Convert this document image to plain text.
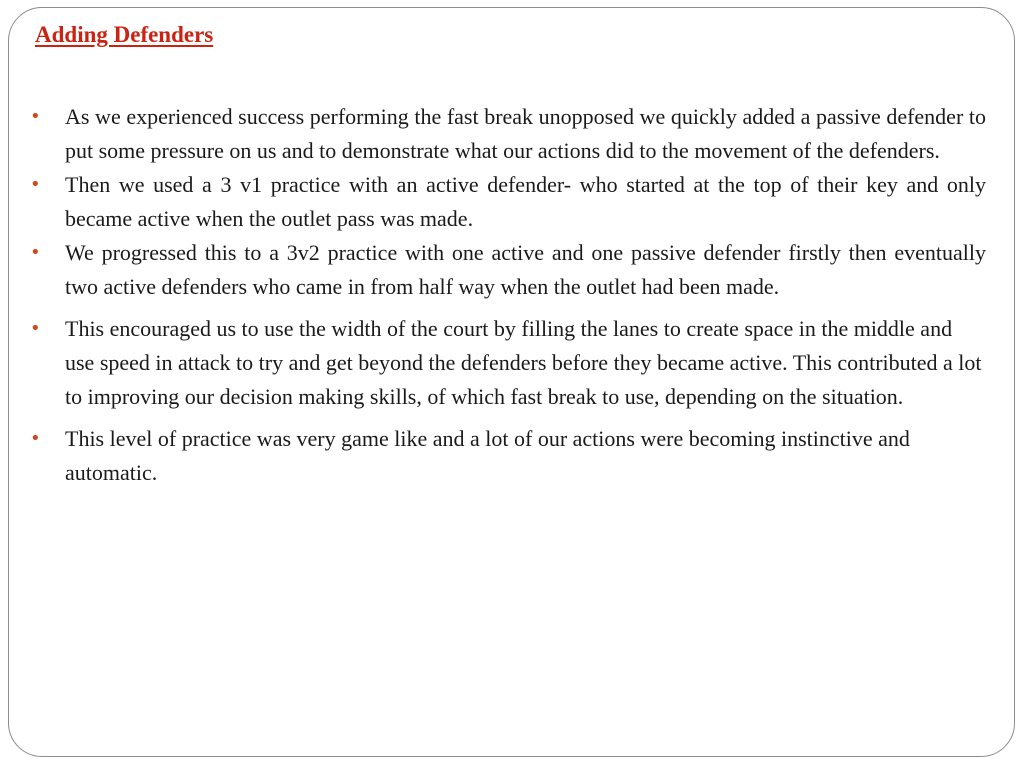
Adding Defenders
• As we experienced success performing the fast break unopposed we quickly added a passive defender to put some pressure on us and to demonstrate what our actions did to the movement of the defenders.
• Then we used a 3 v1 practice with an active defender- who started at the top of their key and only became active when the outlet pass was made.
• We progressed this to a 3v2 practice with one active and one passive defender firstly then eventually two active defenders who came in from half way when the outlet had been made.
• This encouraged us to use the width of the court by filling the lanes to create space in the middle and use speed in attack to try and get beyond the defenders before they became active. This contributed a lot to improving our decision making skills, of which fast break to use, depending on the situation.
• This level of practice was very game like and a lot of our actions were becoming instinctive and automatic.
